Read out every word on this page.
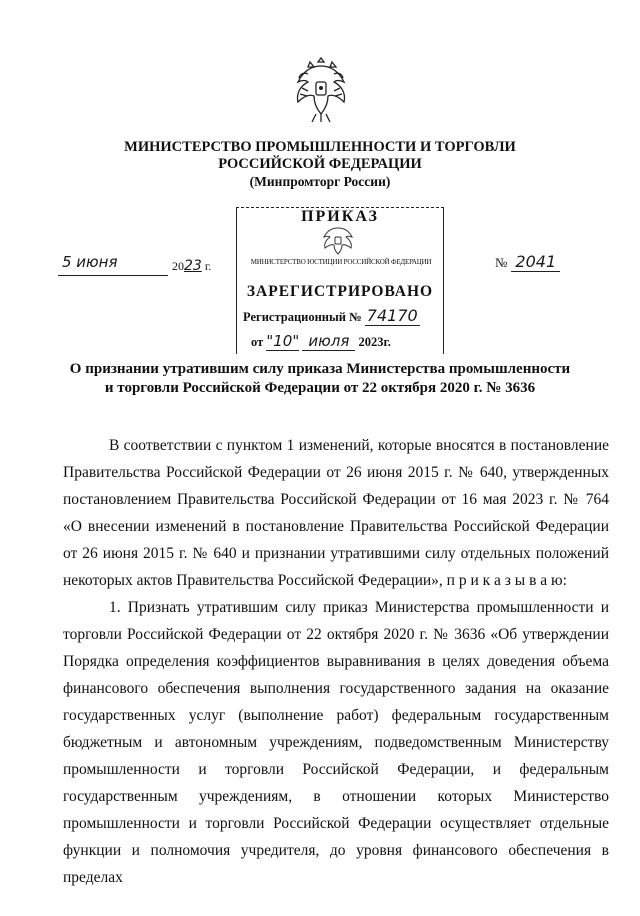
МИНИСТЕРСТВО ПРОМЫШЛЕННОСТИ И ТОРГОВЛИ
РОССИЙСКОЙ ФЕДЕРАЦИИ
(Минпромторг России)
5 июня	2023 г.	№ 2041
ПРИКАЗ
МИНИСТЕРСТВО ЮСТИЦИИ РОССИЙСКОЙ ФЕДЕРАЦИИ
ЗАРЕГИСТРИРОВАНО
Регистрационный № 74170
от "10" июля 2023г.
О признании утратившим силу приказа Министерства промышленности
и торговли Российской Федерации от 22 октября 2020 г. № 3636
В соответствии с пунктом 1 изменений, которые вносятся в постановление Правительства Российской Федерации от 26 июня 2015 г. № 640, утвержденных постановлением Правительства Российской Федерации от 16 мая 2023 г. № 764 «О внесении изменений в постановление Правительства Российской Федерации от 26 июня 2015 г. № 640 и признании утратившими силу отдельных положений некоторых актов Правительства Российской Федерации», п р и к а з ы в а ю:
1. Признать утратившим силу приказ Министерства промышленности и торговли Российской Федерации от 22 октября 2020 г. № 3636 «Об утверждении Порядка определения коэффициентов выравнивания в целях доведения объема финансового обеспечения выполнения государственного задания на оказание государственных услуг (выполнение работ) федеральным государственным бюджетным и автономным учреждениям, подведомственным Министерству промышленности и торговли Российской Федерации, и федеральным государственным учреждениям, в отношении которых Министерство промышленности и торговли Российской Федерации осуществляет отдельные функции и полномочия учредителя, до уровня финансового обеспечения в пределах
